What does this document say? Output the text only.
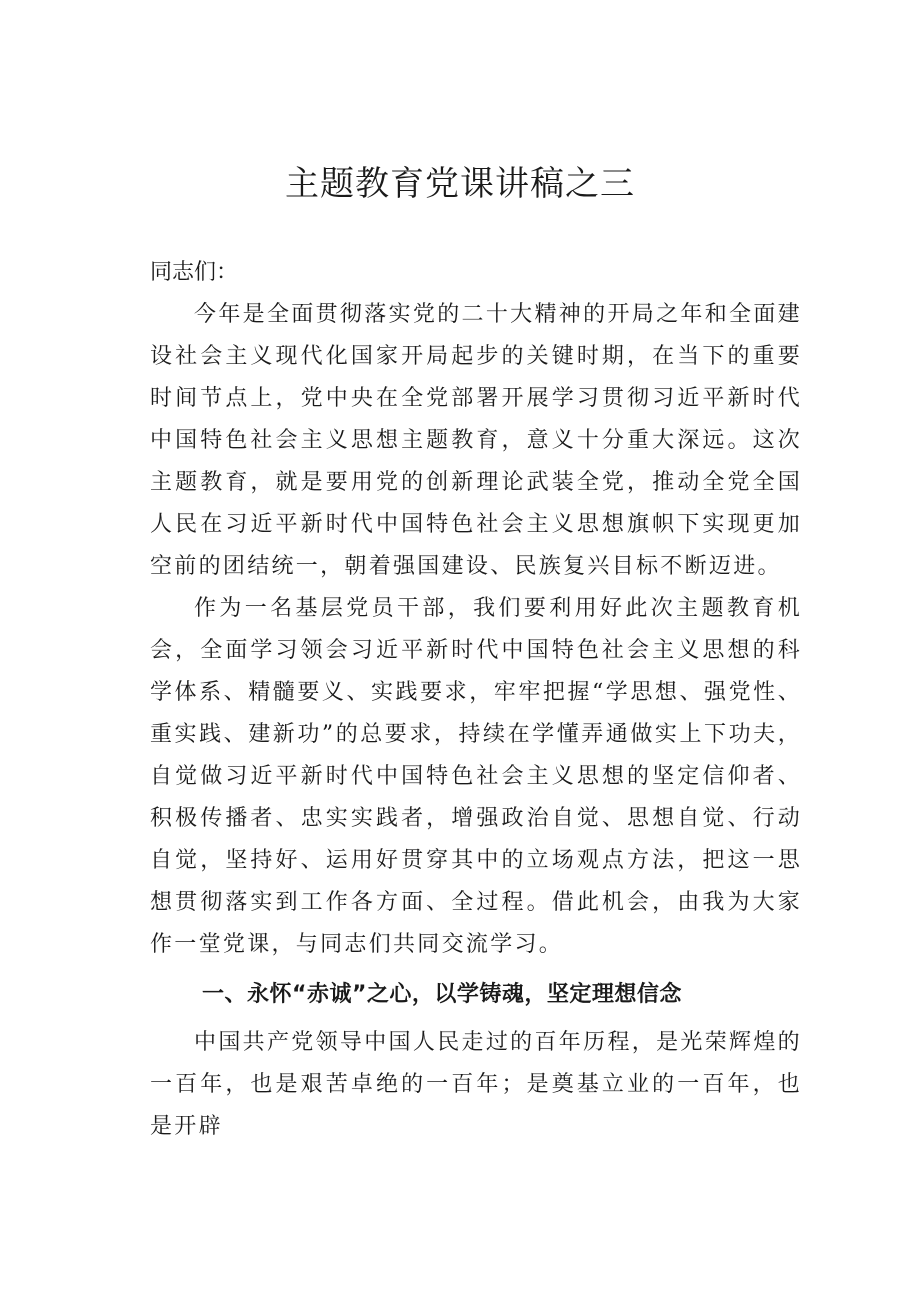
主题教育党课讲稿之三

同志们：

今年是全面贯彻落实党的二十大精神的开局之年和全面建设社会主义现代化国家开局起步的关键时期，在当下的重要时间节点上，党中央在全党部署开展学习贯彻习近平新时代中国特色社会主义思想主题教育，意义十分重大深远。这次主题教育，就是要用党的创新理论武装全党，推动全党全国人民在习近平新时代中国特色社会主义思想旗帜下实现更加空前的团结统一，朝着强国建设、民族复兴目标不断迈进。

作为一名基层党员干部，我们要利用好此次主题教育机会，全面学习领会习近平新时代中国特色社会主义思想的科学体系、精髓要义、实践要求，牢牢把握“学思想、强党性、重实践、建新功”的总要求，持续在学懂弄通做实上下功夫，自觉做习近平新时代中国特色社会主义思想的坚定信仰者、积极传播者、忠实实践者，增强政治自觉、思想自觉、行动自觉，坚持好、运用好贯穿其中的立场观点方法，把这一思想贯彻落实到工作各方面、全过程。借此机会，由我为大家作一堂党课，与同志们共同交流学习。

一、永怀“赤诚”之心，以学铸魂，坚定理想信念

中国共产党领导中国人民走过的百年历程，是光荣辉煌的一百年，也是艰苦卓绝的一百年；是奠基立业的一百年，也是开辟
